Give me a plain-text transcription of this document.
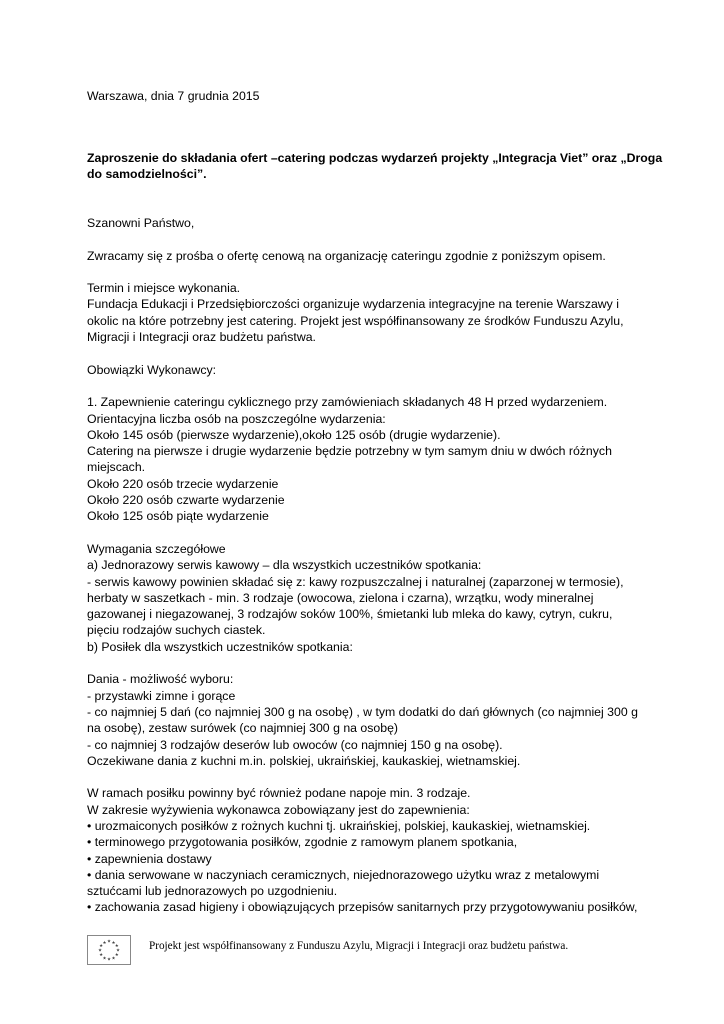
Warszawa, dnia 7 grudnia 2015
Zaproszenie do składania ofert –catering podczas wydarzeń projekty „Integracja Viet” oraz „Droga
do samodzielności”.
Szanowni Państwo,
Zwracamy się z prośba o ofertę cenową na organizację cateringu zgodnie z poniższym opisem.
Termin i miejsce wykonania.
Fundacja Edukacji i Przedsiębiorczości organizuje wydarzenia integracyjne na terenie Warszawy i
okolic na które potrzebny jest catering. Projekt jest współfinansowany ze środków Funduszu Azylu,
Migracji i Integracji oraz budżetu państwa.
Obowiązki Wykonawcy:
1. Zapewnienie cateringu cyklicznego przy zamówieniach składanych 48 H przed wydarzeniem.
Orientacyjna liczba osób na poszczególne wydarzenia:
Około 145 osób (pierwsze wydarzenie),około 125 osób (drugie wydarzenie).
Catering na pierwsze i drugie wydarzenie będzie potrzebny w tym samym dniu w dwóch różnych
miejscach.
Około 220 osób trzecie wydarzenie
Około 220 osób czwarte wydarzenie
Około 125 osób piąte wydarzenie
Wymagania szczegółowe
a) Jednorazowy serwis kawowy – dla wszystkich uczestników spotkania:
- serwis kawowy powinien składać się z: kawy rozpuszczalnej i naturalnej (zaparzonej w termosie),
herbaty w saszetkach - min. 3 rodzaje (owocowa, zielona i czarna), wrzątku, wody mineralnej
gazowanej i niegazowanej, 3 rodzajów soków 100%, śmietanki lub mleka do kawy, cytryn, cukru,
pięciu rodzajów suchych ciastek.
b) Posiłek dla wszystkich uczestników spotkania:
Dania - możliwość wyboru:
- przystawki zimne i gorące
- co najmniej 5 dań (co najmniej 300 g na osobę) , w tym dodatki do dań głównych (co najmniej 300 g
na osobę), zestaw surówek (co najmniej 300 g na osobę)
- co najmniej 3 rodzajów deserów lub owoców (co najmniej 150 g na osobę).
Oczekiwane dania z kuchni m.in. polskiej, ukraińskiej, kaukaskiej, wietnamskiej.
W ramach posiłku powinny być również podane napoje min. 3 rodzaje.
W zakresie wyżywienia wykonawca zobowiązany jest do zapewnienia:
• urozmaiconych posiłków z rożnych kuchni tj. ukraińskiej, polskiej, kaukaskiej, wietnamskiej.
• terminowego przygotowania posiłków, zgodnie z ramowym planem spotkania,
• zapewnienia dostawy
• dania serwowane w naczyniach ceramicznych, niejednorazowego użytku wraz z metalowymi
sztućcami lub jednorazowych po uzgodnieniu.
• zachowania zasad higieny i obowiązujących przepisów sanitarnych przy przygotowywaniu posiłków,
★ ★
★
★
★
★
★
★
★
★
★
★	Projekt jest współfinansowany z Funduszu Azylu, Migracji i Integracji oraz budżetu państwa.
